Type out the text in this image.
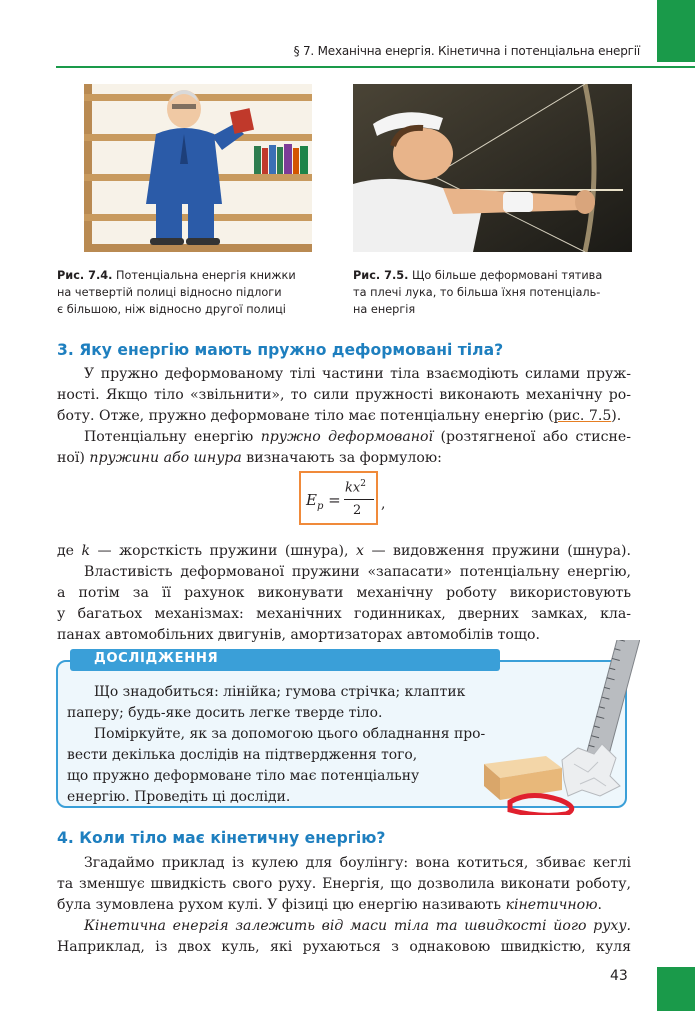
§ 7. Механічна енергія. Кінетична і потенціальна енергії
Рис. 7.4. Потенціальна енергія книжки
на четвертій полиці відносно підлоги
є більшою, ніж відносно другої полиці
Рис. 7.5. Що більше деформовані тятива
та плечі лука, то більша їхня потенціаль-
на енергія
3. Яку енергію мають пружно деформовані тіла?
У пружно деформованому тілі частини тіла взаємодіють силами пруж-
ності. Якщо тіло «звільнити», то сили пружності виконають механічну ро-
боту. Отже, пружно деформоване тіло має потенціальну енергію (рис. 7.5).
Потенціальну енергію пружно деформованої (розтягненої або стисне-
ної) пружини або шнура визначають за формулою:
$E_p$ =
$kx^2$
2 ,
де k — жорсткість пружини (шнура), x — видовження пружини (шнура).
Властивість деформованої пружини «запасати» потенціальну енергію,
а потім за її рахунок виконувати механічну роботу використовують
у багатьох механізмах: механічних годинниках, дверних замках, кла-
панах автомобільних двигунів, амортизаторах автомобілів тощо.
ДОСЛІДЖЕННЯ
Що знадобиться: лінійка; гумова стрічка; клаптик
паперу; будь-яке досить легке тверде тіло.
Поміркуйте, як за допомогою цього обладнання про-
вести декілька дослідів на підтвердження того,
що пружно деформоване тіло має потенціальну
енергію. Проведіть ці досліди.
4. Коли тіло має кінетичну енергію?
Згадаймо приклад із кулею для боулінгу: вона котиться, збиває кеглі
та зменшує швидкість свого руху. Енергія, що дозволила виконати роботу,
була зумовлена рухом кулі. У фізиці цю енергію називають кінетичною.
Кінетична енергія залежить від маси тіла та швидкості його руху.
Наприклад, із двох куль, які рухаються з однаковою швидкістю, куля
43
